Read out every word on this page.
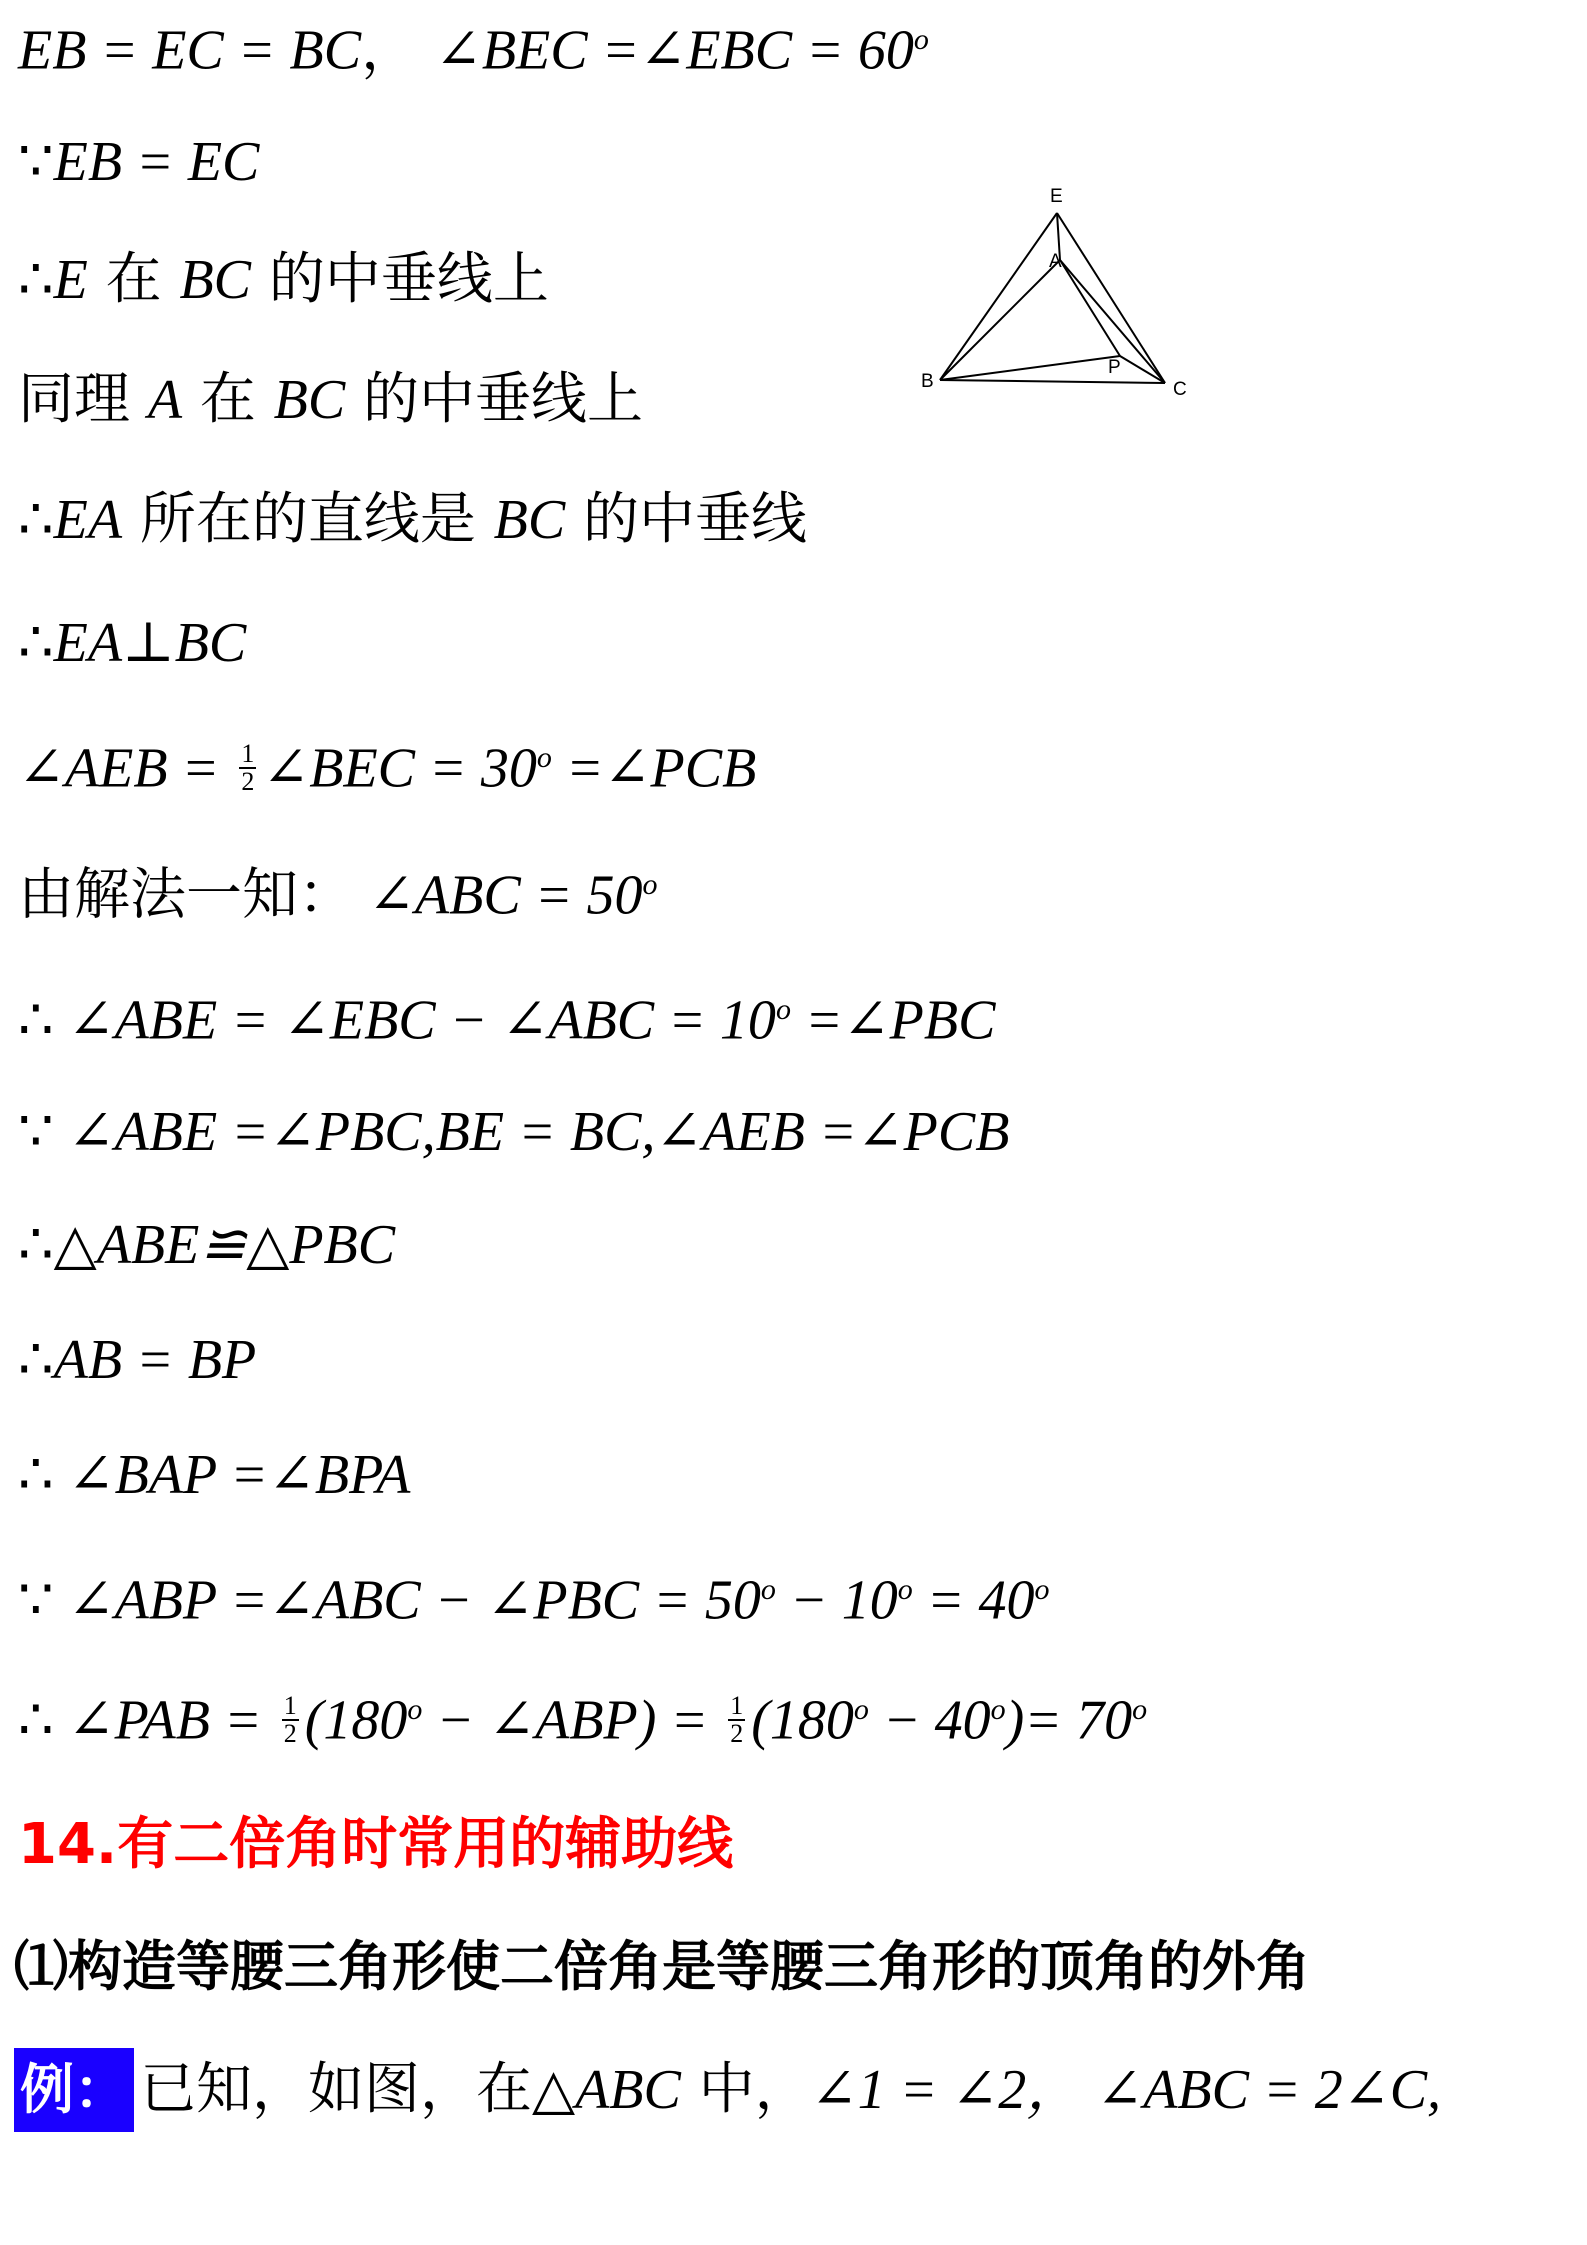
EB = EC = BC， ∠BEC =∠EBC = $60^o$
∵EB = EC
∴E 在 BC 的中垂线上
同理 A 在 BC 的中垂线上
∴EA 所在的直线是 BC 的中垂线
∴EA⊥BC
∠AEB = $\frac{1}{2}$ ∠BEC = $30^o$ =∠PCB
由解法一知： ∠ABC = $50^o$
∴ ∠ABE = ∠EBC − ∠ABC = $10^o$ =∠PBC
∵ ∠ABE =∠PBC,BE = BC,∠AEB =∠PCB
∴△ABE≌△PBC
∴AB = BP
∴ ∠BAP =∠BPA
∵ ∠ABP =∠ABC − ∠PBC = $50^o - 10^o = 40^o$
∴ ∠PAB = $\frac{1}{2} (180^o$ − ∠ABP) = $\frac{1}{2} (180^o - 40^o)= 70^o$
14.有二倍角时常用的辅助线
⑴构造等腰三角形使二倍角是等腰三角形的顶角的外角
例： 已知，如图，在△ABC 中，∠1 = ∠2， ∠ABC = 2∠C,
E
A
B
P
C
